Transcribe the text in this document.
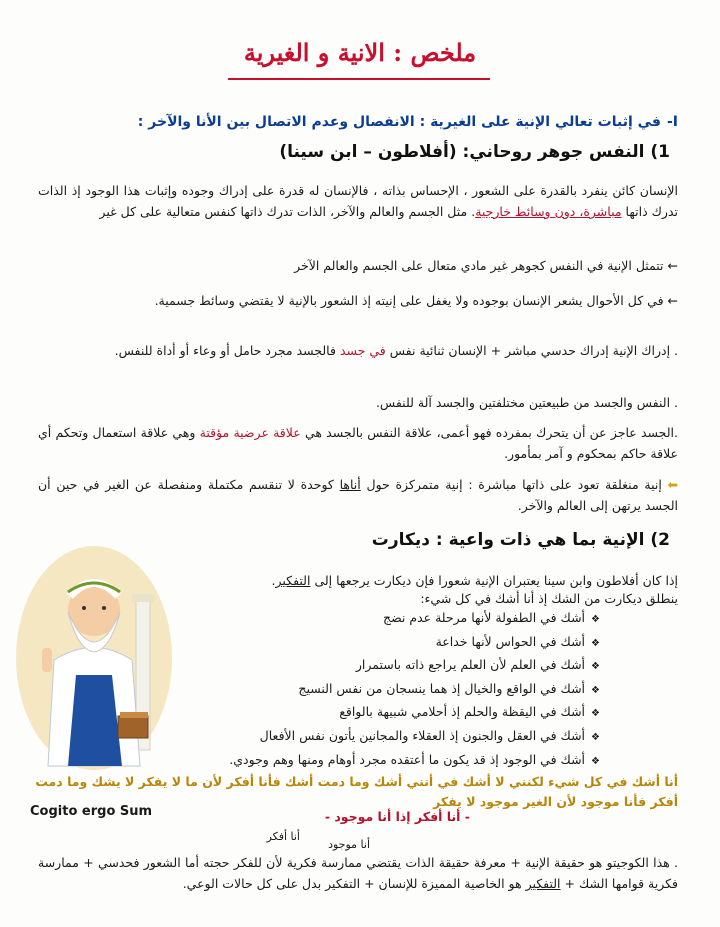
ملخص : الانية و الغيرية
I-في إثبات تعالي الإنية على الغيرية : الانفصال وعدم الاتصال بين الأنا والآخر :
1) النفس جوهر روحاني: (أفلاطون – ابن سينا)
الإنسان كائن ينفرد بالقدرة على الشعور ، الإحساس بذاته ، فالإنسان له قدرة على إدراك وجوده وإثبات هذا الوجود إذ الذات تدرك ذاتها مباشرة، دون وسائط خارجية. مثل الجسم والعالم والآخر، الذات تدرك ذاتها كنفس متعالية على كل غير
← تتمثل الإنية في النفس كجوهر غير مادي متعال على الجسم والعالم الآخر
← في كل الأحوال يشعر الإنسان بوجوده ولا يغفل على إنيته إذ الشعور بالإنية لا يقتضي وسائط جسمية.
. إدراك الإنية إدراك حدسي مباشر + الإنسان ثنائية نفس في جسد فالجسد مجرد حامل أو وعاء أو أداة للنفس.
. النفس والجسد من طبيعتين مختلفتين والجسد آلة للنفس.
.الجسد عاجز عن أن يتحرك بمفرده فهو أعمى، علاقة النفس بالجسد هي علاقة عرضية مؤقتة وهي علاقة استعمال وتحكم أي علاقة حاكم بمحكوم و آمر بمأمور.
⬅ إنية منغلقة تعود على ذاتها مباشرة : إنية متمركزة حول أناها كوحدة لا تنقسم مكتملة ومنفصلة عن الغير في حين أن الجسد يرتهن إلى العالم والآخر.
2) الإنية بما هي ذات واعية : ديكارت
إذا كان أفلاطون وابن سينا يعتبران الإنية شعورا فإن ديكارت يرجعها إلى التفكير.
ينطلق ديكارت من الشك إذ أنا أشك في كل شيء:
❖ أشك في الطفولة لأنها مرحلة عدم نضج
❖ أشك في الحواس لأنها خداعة
❖ أشك في العلم لأن العلم يراجع ذاته باستمرار
❖ أشك في الواقع والخيال إذ هما ينسجان من نفس النسيج
❖ أشك في اليقظة والحلم إذ أحلامي شبيهة بالواقع
❖ أشك في العقل والجنون إذ العقلاء والمجانين يأتون نفس الأفعال
❖ أشك في الوجود إذ قد يكون ما أعتقده مجرد أوهام ومنها وهم وجودي.
أنا أشك في كل شيء لكنني لا أشك في أنني أشك وما دمت أشك فأنا أفكر لأن ما لا يفكر لا يشك وما دمت أفكر فأنا موجود لأن الغير موجود لا يفكر
- أنا أفكر إذا أنا موجود -
Cogito ergo Sum
أنا أفكر
أنا موجود
. هذا الكوجيتو هو حقيقة الإنية + معرفة حقيقة الذات يقتضي ممارسة فكرية لأن للفكر حجته أما الشعور فحدسي + ممارسة فكرية قوامها الشك + التفكير هو الخاصية المميزة للإنسان + التفكير بدل على كل حالات الوعي.
